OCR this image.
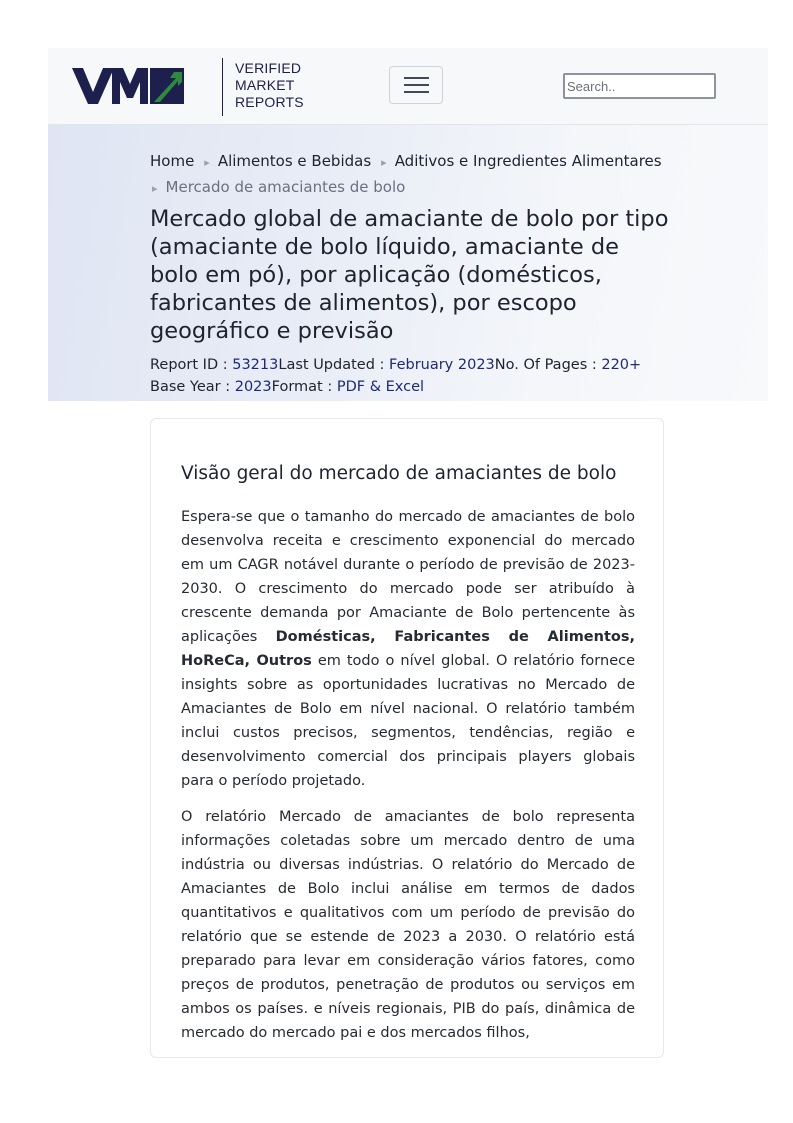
VERIFIED
MARKET
REPORTS
Search..
Home ▸ Alimentos e Bebidas ▸ Aditivos e Ingredientes Alimentares
▸ Mercado de amaciantes de bolo
Mercado global de amaciante de bolo por tipo (amaciante de bolo líquido, amaciante de bolo em pó), por aplicação (domésticos, fabricantes de alimentos), por escopo geográfico e previsão
Report ID : 53213Last Updated : February 2023No. Of Pages : 220+
Base Year : 2023Format : PDF & Excel
Visão geral do mercado de amaciantes de bolo

Espera-se que o tamanho do mercado de amaciantes de bolo desenvolva receita e crescimento exponencial do mercado em um CAGR notável durante o período de previsão de 2023-2030. O crescimento do mercado pode ser atribuído à crescente demanda por Amaciante de Bolo pertencente às aplicações Domésticas, Fabricantes de Alimentos, HoReCa, Outros em todo o nível global. O relatório fornece insights sobre as oportunidades lucrativas no Mercado de Amaciantes de Bolo em nível nacional. O relatório também inclui custos precisos, segmentos, tendências, região e desenvolvimento comercial dos principais players globais para o período projetado.

O relatório Mercado de amaciantes de bolo representa informações coletadas sobre um mercado dentro de uma indústria ou diversas indústrias. O relatório do Mercado de Amaciantes de Bolo inclui análise em termos de dados quantitativos e qualitativos com um período de previsão do relatório que se estende de 2023 a 2030. O relatório está preparado para levar em consideração vários fatores, como preços de produtos, penetração de produtos ou serviços em ambos os países. e níveis regionais, PIB do país, dinâmica de mercado do mercado pai e dos mercados filhos,
